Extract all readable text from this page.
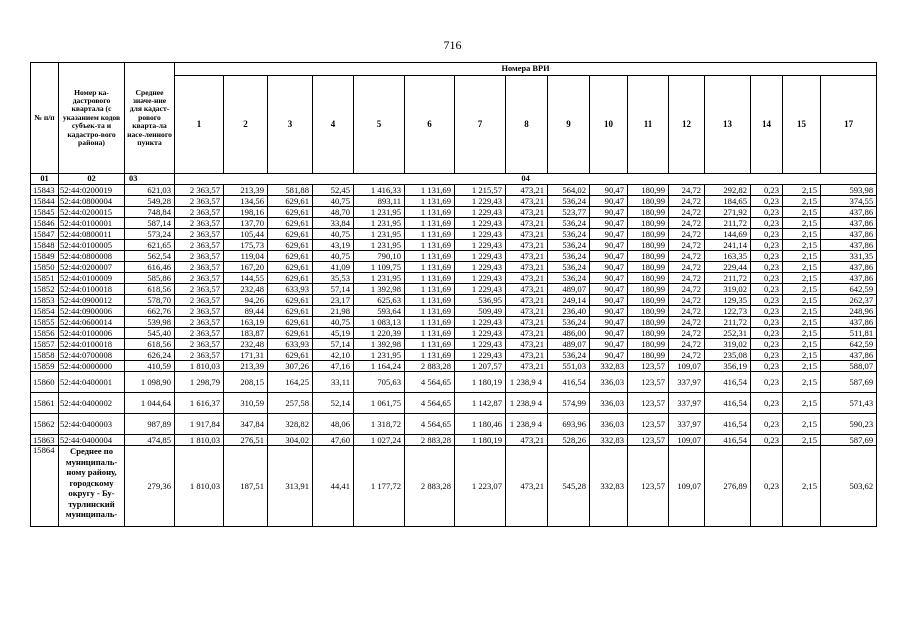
716
№ п/п	Номер ка-дастрового квартала (с указанием кодов субъек-та и кадастро-вого района)	Среднее значе-ние для кадаст-рового кварта-ла насе-ленного пункта	Номера ВРИ															
			1	2	3	4	5	6	7	8	9	10	11	12	13	14	15	17
01	02	03	04															
15843	52:44:0200019	621,03	2 363,57	213,39	581,88	52,45	1 416,33	1 131,69	1 215,57	473,21	564,02	90,47	180,99	24,72	292,82	0,23	2,15	593,98
15844	52:44:0800004	549,28	2 363,57	134,56	629,61	40,75	893,11	1 131,69	1 229,43	473,21	536,24	90,47	180,99	24,72	184,65	0,23	2,15	374,55
15845	52:44:0200015	748,84	2 363,57	198,16	629,61	48,70	1 231,95	1 131,69	1 229,43	473,21	523,77	90,47	180,99	24,72	271,92	0,23	2,15	437,86
15846	52:44:0100001	587,14	2 363,57	137,70	629,61	33,84	1 231,95	1 131,69	1 229,43	473,21	536,24	90,47	180,99	24,72	211,72	0,23	2,15	437,86
15847	52:44:0800011	573,24	2 363,57	105,44	629,61	40,75	1 231,95	1 131,69	1 229,43	473,21	536,24	90,47	180,99	24,72	144,69	0,23	2,15	437,86
15848	52:44:0100005	621,65	2 363,57	175,73	629,61	43,19	1 231,95	1 131,69	1 229,43	473,21	536,24	90,47	180,99	24,72	241,14	0,23	2,15	437,86
15849	52:44:0800008	562,54	2 363,57	119,04	629,61	40,75	790,10	1 131,69	1 229,43	473,21	536,24	90,47	180,99	24,72	163,35	0,23	2,15	331,35
15850	52:44:0200007	616,46	2 363,57	167,20	629,61	41,09	1 109,75	1 131,69	1 229,43	473,21	536,24	90,47	180,99	24,72	229,44	0,23	2,15	437,86
15851	52:44:0100009	585,86	2 363,57	144,55	629,61	35,53	1 231,95	1 131,69	1 229,43	473,21	536,24	90,47	180,99	24,72	211,72	0,23	2,15	437,86
15852	52:44:0100018	618,56	2 363,57	232,48	633,93	57,14	1 392,98	1 131,69	1 229,43	473,21	489,07	90,47	180,99	24,72	319,02	0,23	2,15	642,59
15853	52:44:0900012	578,70	2 363,57	94,26	629,61	23,17	625,63	1 131,69	536,95	473,21	249,14	90,47	180,99	24,72	129,35	0,23	2,15	262,37
15854	52:44:0900006	662,76	2 363,57	89,44	629,61	21,98	593,64	1 131,69	509,49	473,21	236,40	90,47	180,99	24,72	122,73	0,23	2,15	248,96
15855	52:44:0600014	539,98	2 363,57	163,19	629,61	40,75	1 083,13	1 131,69	1 229,43	473,21	536,24	90,47	180,99	24,72	211,72	0,23	2,15	437,86
15856	52:44:0100006	545,40	2 363,57	183,87	629,61	45,19	1 220,39	1 131,69	1 229,43	473,21	486,00	90,47	180,99	24,72	252,31	0,23	2,15	511,81
15857	52:44:0100018	618,56	2 363,57	232,48	633,93	57,14	1 392,98	1 131,69	1 229,43	473,21	489,07	90,47	180,99	24,72	319,02	0,23	2,15	642,59
15858	52:44:0700008	626,24	2 363,57	171,31	629,61	42,10	1 231,95	1 131,69	1 229,43	473,21	536,24	90,47	180,99	24,72	235,08	0,23	2,15	437,86
15859	52:44:0000000	410,59	1 810,03	213,39	307,26	47,16	1 164,24	2 883,28	1 207,57	473,21	551,03	332,83	123,57	109,07	356,19	0,23	2,15	588,07
15860	52:44:0400001	1 098,90	1 298,79	208,15	164,25	33,11	705,63	4 564,65	1 180,19	1 238,9 4	416,54	336,03	123,57	337,97	416,54	0,23	2,15	587,69
15861	52:44:0400002	1 044,64	1 616,37	310,59	257,58	52,14	1 061,75	4 564,65	1 142,87	1 238,9 4	574,99	336,03	123,57	337,97	416,54	0,23	2,15	571,43
15862	52:44:0400003	987,89	1 917,84	347,84	328,82	48,06	1 318,72	4 564,65	1 180,46	1 238,9 4	693,96	336,03	123,57	337,97	416,54	0,23	2,15	590,23
15863	52:44:0400004	474,85	1 810,03	276,51	304,02	47,60	1 027,24	2 883,28	1 180,19	473,21	528,26	332,83	123,57	109,07	416,54	0,23	2,15	587,69
15864	Среднее по муниципаль-ному району, городскому округу - Бу-турлинский муниципаль-	279,36	1 810,03	187,51	313,91	44,41	1 177,72	2 883,28	1 223,07	473,21	545,28	332,83	123,57	109,07	276,89	0,23	2,15	503,62
